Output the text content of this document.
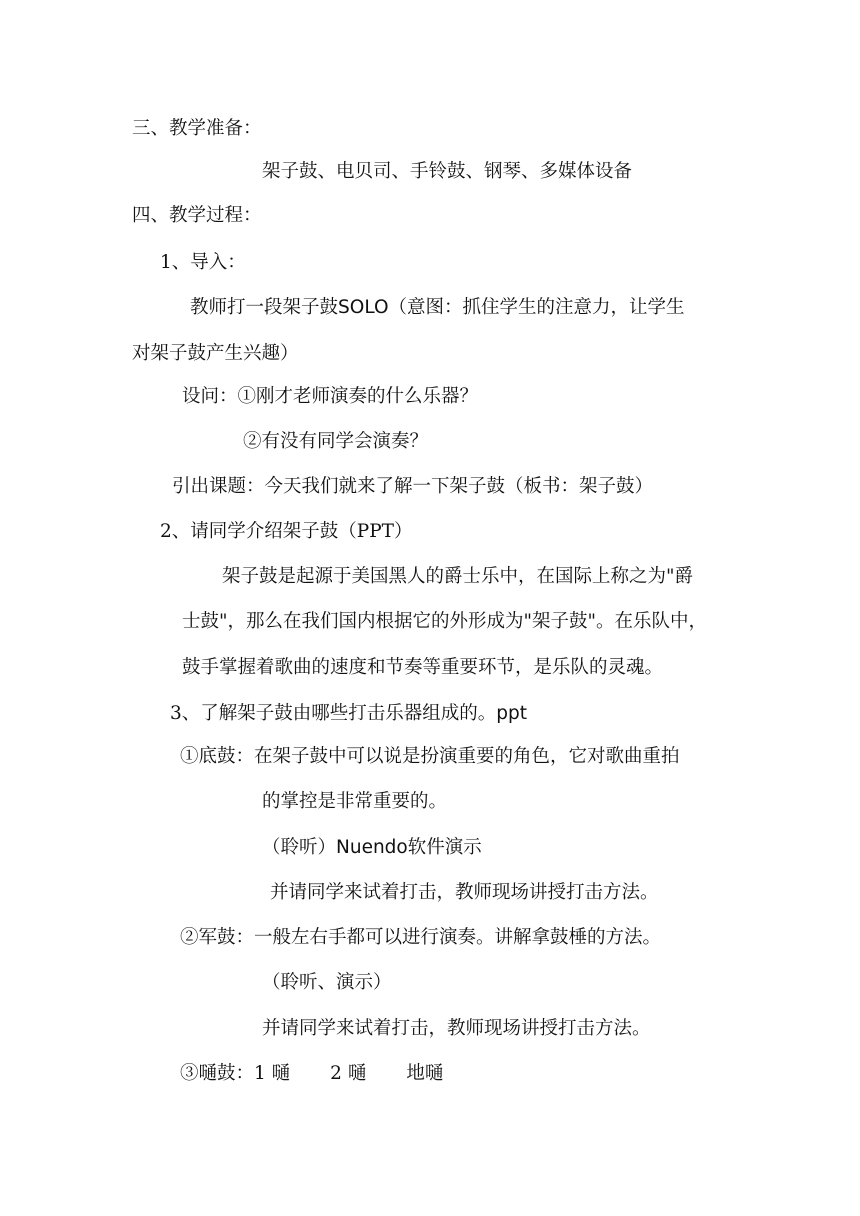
三、教学准备：
架子鼓、电贝司、手铃鼓、钢琴、多媒体设备
四、教学过程：
1、导入：
教师打一段架子鼓SOLO（意图：抓住学生的注意力，让学生
对架子鼓产生兴趣）
设问：①刚才老师演奏的什么乐器？
②有没有同学会演奏？
引出课题：今天我们就来了解一下架子鼓（板书：架子鼓）
2、请同学介绍架子鼓（PPT）
架子鼓是起源于美国黑人的爵士乐中，在国际上称之为"爵
士鼓"，那么在我们国内根据它的外形成为"架子鼓"。在乐队中，
鼓手掌握着歌曲的速度和节奏等重要环节，是乐队的灵魂。
3、了解架子鼓由哪些打击乐器组成的。ppt
①底鼓：在架子鼓中可以说是扮演重要的角色，它对歌曲重拍
的掌控是非常重要的。
（聆听）Nuendo软件演示
并请同学来试着打击，教师现场讲授打击方法。
②军鼓：一般左右手都可以进行演奏。讲解拿鼓棰的方法。
（聆听、演示）
并请同学来试着打击，教师现场讲授打击方法。
③嗵鼓：1 嗵 2 嗵 地嗵
